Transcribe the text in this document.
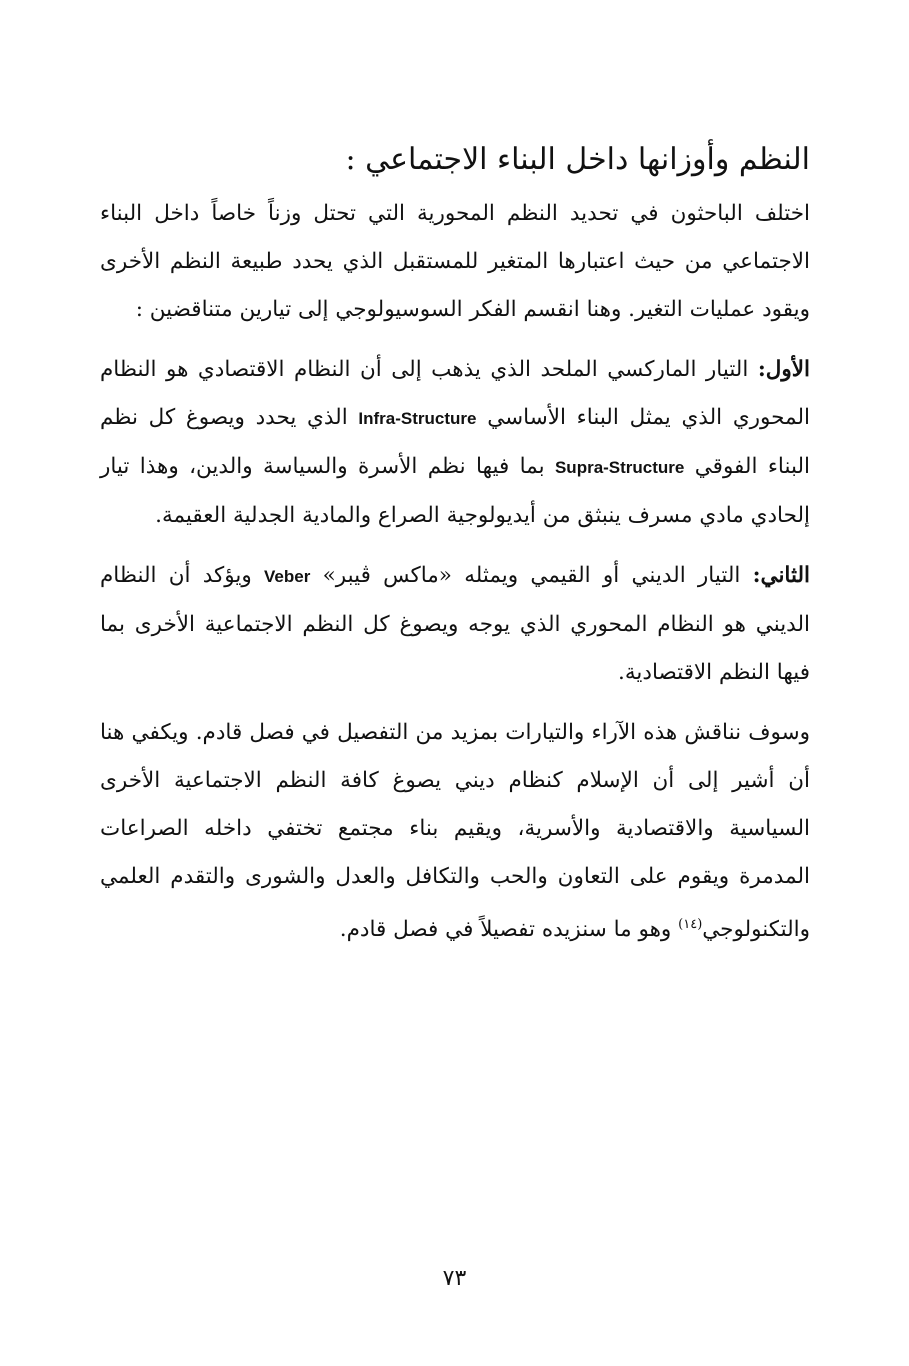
النظم وأوزانها داخل البناء الاجتماعي :

اختلف الباحثون في تحديد النظم المحورية التي تحتل وزناً خاصاً داخل البناء الاجتماعي من حيث اعتبارها المتغير للمستقبل الذي يحدد طبيعة النظم الأخرى ويقود عمليات التغير. وهنا انقسم الفكر السوسيولوجي إلى تيارين متناقضين :

الأول: التيار الماركسي الملحد الذي يذهب إلى أن النظام الاقتصادي هو النظام المحوري الذي يمثل البناء الأساسي Infra-Structure الذي يحدد ويصوغ كل نظم البناء الفوقي Supra-Structure بما فيها نظم الأسرة والسياسة والدين، وهذا تيار إلحادي مادي مسرف ينبثق من أيديولوجية الصراع والمادية الجدلية العقيمة.

الثاني: التيار الديني أو القيمي ويمثله «ماكس ڤيبر» Veber ويؤكد أن النظام الديني هو النظام المحوري الذي يوجه ويصوغ كل النظم الاجتماعية الأخرى بما فيها النظم الاقتصادية.

وسوف نناقش هذه الآراء والتيارات بمزيد من التفصيل في فصل قادم. ويكفي هنا أن أشير إلى أن الإسلام كنظام ديني يصوغ كافة النظم الاجتماعية الأخرى السياسية والاقتصادية والأسرية، ويقيم بناء مجتمع تختفي داخله الصراعات المدمرة ويقوم على التعاون والحب والتكافل والعدل والشورى والتقدم العلمي والتكنولوجي$^{(١٤)}$ وهو ما سنزيده تفصيلاً في فصل قادم.

٧٣
